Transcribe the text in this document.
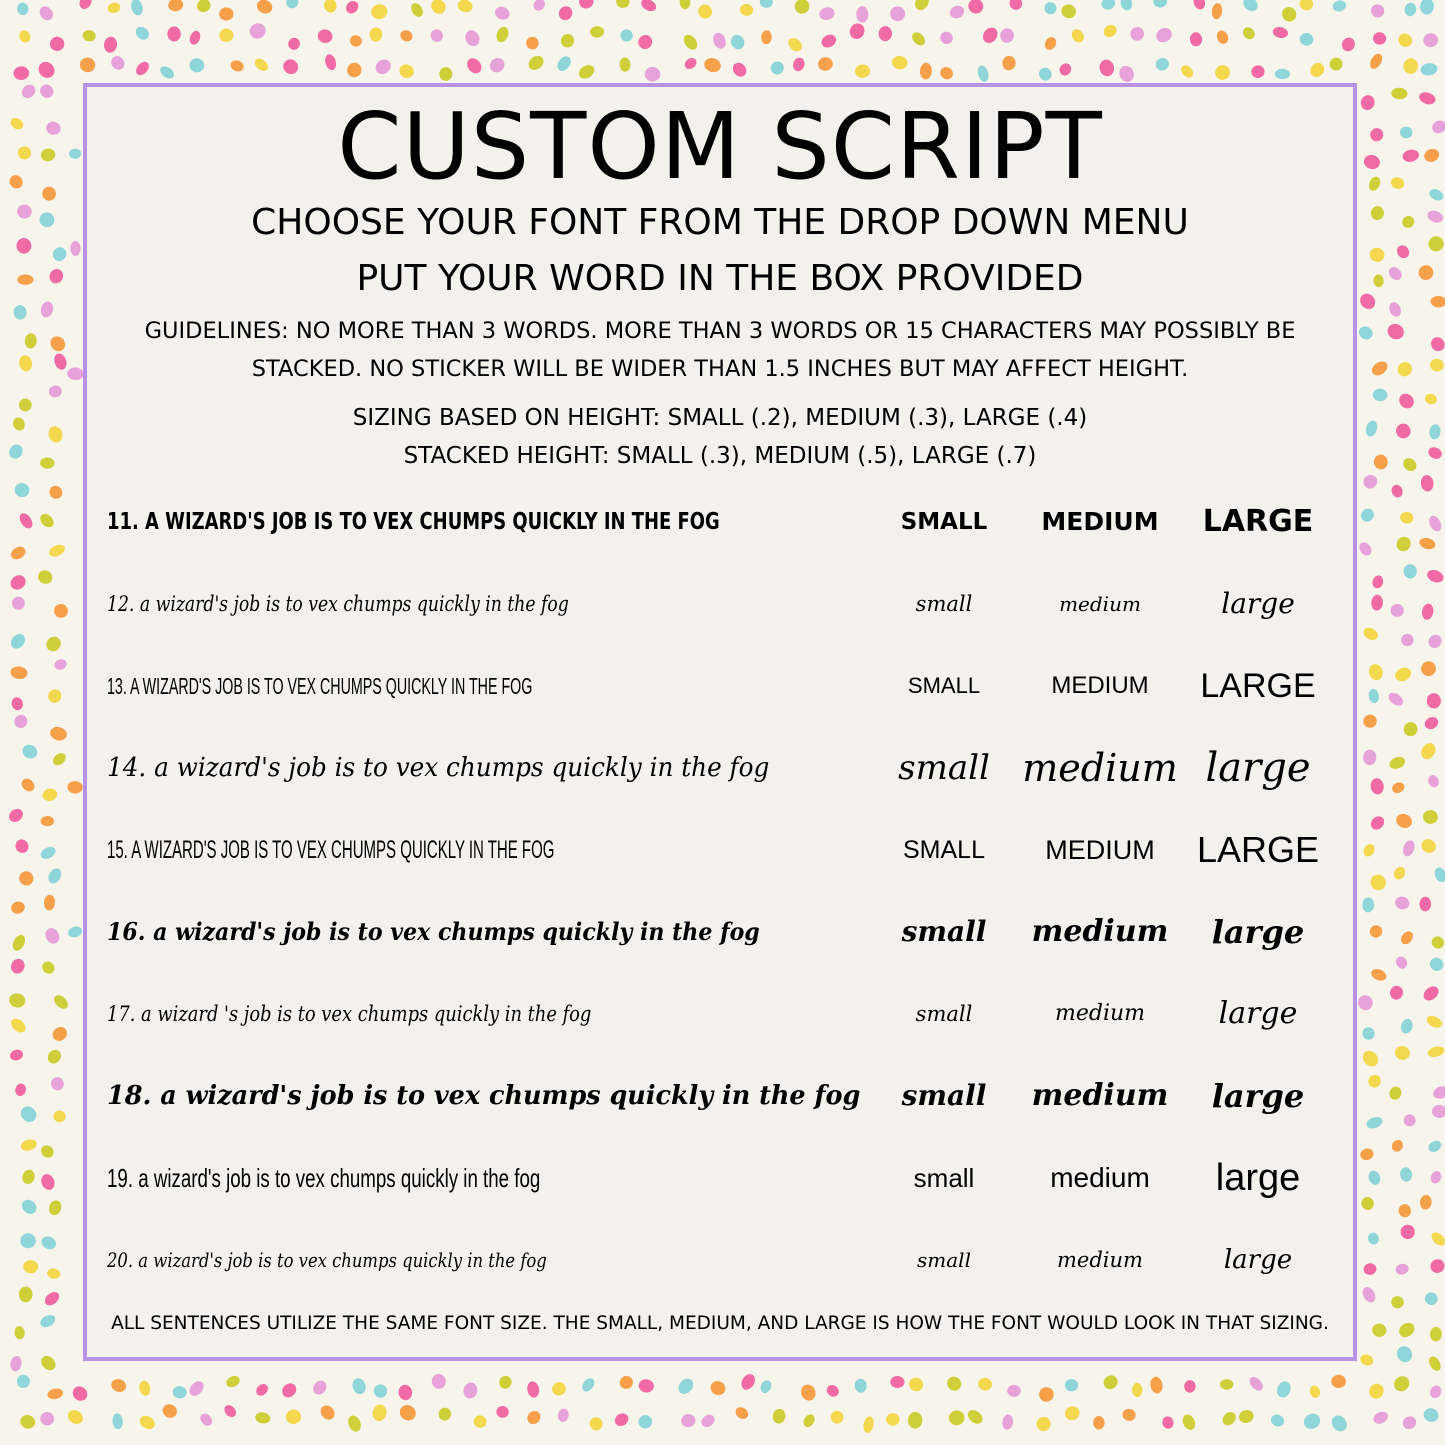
CUSTOM SCRIPT
CHOOSE YOUR FONT FROM THE DROP DOWN MENU
PUT YOUR WORD IN THE BOX PROVIDED
GUIDELINES: NO MORE THAN 3 WORDS. MORE THAN 3 WORDS OR 15 CHARACTERS MAY POSSIBLY BE
STACKED. NO STICKER WILL BE WIDER THAN 1.5 INCHES BUT MAY AFFECT HEIGHT.
SIZING BASED ON HEIGHT: SMALL (.2), MEDIUM (.3), LARGE (.4)
STACKED HEIGHT: SMALL (.3), MEDIUM (.5), LARGE (.7)
11. A WIZARD'S JOB IS TO VEX CHUMPS QUICKLY IN THE FOG	SMALL	MEDIUM	LARGE
12. a wizard's job is to vex chumps quickly in the fog	small	medium	large
13. A WIZARD'S JOB IS TO VEX CHUMPS QUICKLY IN THE FOG	SMALL	MEDIUM	LARGE
14. a wizard's job is to vex chumps quickly in the fog	small medium large
15. A WIZARD'S JOB IS TO VEX CHUMPS QUICKLY IN THE FOG	SMALL	MEDIUM	LARGE
16. a wizard's job is to vex chumps quickly in the fog	small	medium	large
17. a wizard 's job is to vex chumps quickly in the fog	small	medium	large
18. a wizard's job is to vex chumps quickly in the fog	small	medium	large
19. a wizard's job is to vex chumps quickly in the fog	small	medium	large
20. a wizard's job is to vex chumps quickly in the fog	small	medium	large
ALL SENTENCES UTILIZE THE SAME FONT SIZE. THE SMALL, MEDIUM, AND LARGE IS HOW THE FONT WOULD LOOK IN THAT SIZING.
